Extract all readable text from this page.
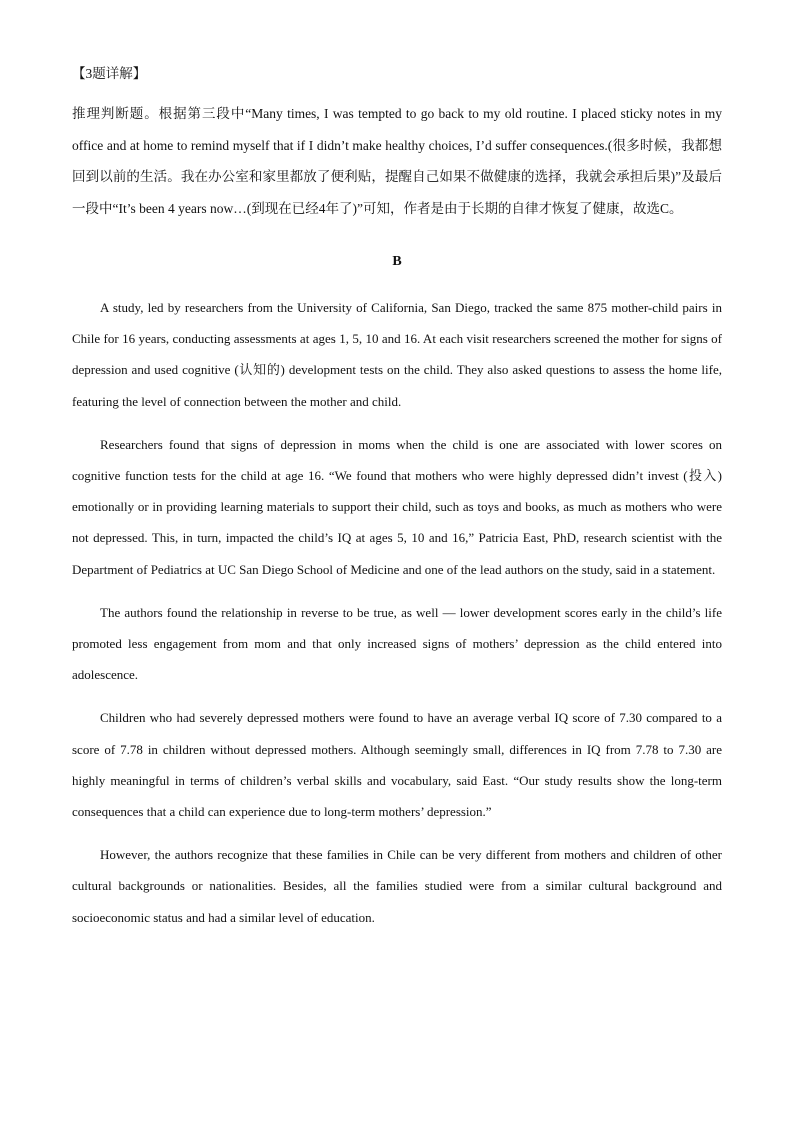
【3题详解】

推理判断题。根据第三段中“Many times, I was tempted to go back to my old routine. I placed sticky notes in my office and at home to remind myself that if I didn’t make healthy choices, I’d suffer consequences.(很多时候，我都想回到以前的生活。我在办公室和家里都放了便利贴，提醒自己如果不做健康的选择，我就会承担后果)”及最后一段中“It’s been 4 years now…(到现在已经4年了)”可知，作者是由于长期的自律才恢复了健康，故选C。

B

A study, led by researchers from the University of California, San Diego, tracked the same 875 mother-child pairs in Chile for 16 years, conducting assessments at ages 1, 5, 10 and 16. At each visit researchers screened the mother for signs of depression and used cognitive (认知的) development tests on the child. They also asked questions to assess the home life, featuring the level of connection between the mother and child.

Researchers found that signs of depression in moms when the child is one are associated with lower scores on cognitive function tests for the child at age 16. “We found that mothers who were highly depressed didn’t invest (投入) emotionally or in providing learning materials to support their child, such as toys and books, as much as mothers who were not depressed. This, in turn, impacted the child’s IQ at ages 5, 10 and 16,” Patricia East, PhD, research scientist with the Department of Pediatrics at UC San Diego School of Medicine and one of the lead authors on the study, said in a statement.

The authors found the relationship in reverse to be true, as well — lower development scores early in the child’s life promoted less engagement from mom and that only increased signs of mothers’ depression as the child entered into adolescence.

Children who had severely depressed mothers were found to have an average verbal IQ score of 7.30 compared to a score of 7.78 in children without depressed mothers. Although seemingly small, differences in IQ from 7.78 to 7.30 are highly meaningful in terms of children’s verbal skills and vocabulary, said East. “Our study results show the long-term consequences that a child can experience due to long-term mothers’ depression.”

However, the authors recognize that these families in Chile can be very different from mothers and children of other cultural backgrounds or nationalities. Besides, all the families studied were from a similar cultural background and socioeconomic status and had a similar level of education.
